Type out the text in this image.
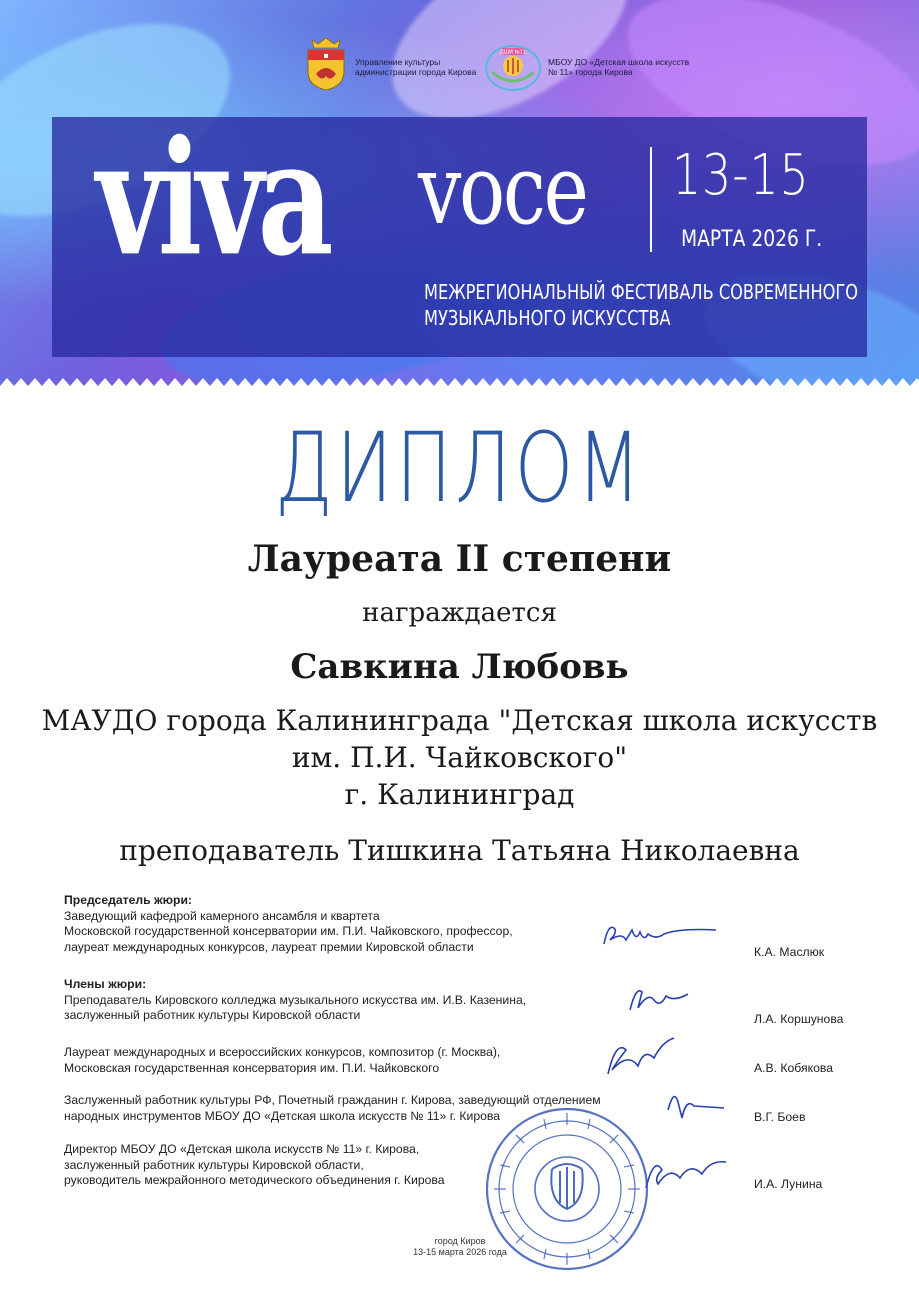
Управление культуры администрации города Кирова
ДШИ №11
МБОУ ДО «Детская школа искусств № 11» города Кирова
viva voce 13-15
МАРТА 2026 Г.
МЕЖРЕГИОНАЛЬНЫЙ ФЕСТИВАЛЬ СОВРЕМЕННОГО
МУЗЫКАЛЬНОГО ИСКУССТВА
ДИПЛОМ
Лауреата II степени
награждается
Савкина Любовь
МАУДО города Калининграда "Детская школа искусств
им. П.И. Чайковского"
г. Калининград
преподаватель Тишкина Татьяна Николаевна
Председатель жюри:
Заведующий кафедрой камерного ансамбля и квартета
Московской государственной консерватории им. П.И. Чайковского, профессор,
лауреат международных конкурсов, лауреат премии Кировской области	К.А. Маслюк
Члены жюри:
Преподаватель Кировского колледжа музыкального искусства им. И.В. Казенина,
заслуженный работник культуры Кировской области	Л.А. Коршунова
Лауреат международных и всероссийских конкурсов, композитор (г. Москва),
Московская государственная консерватория им. П.И. Чайковского	А.В. Кобякова
Заслуженный работник культуры РФ, Почетный гражданин г. Кирова, заведующий отделением
народных инструментов МБОУ ДО «Детская школа искусств № 11» г. Кирова	В.Г. Боев
Директор МБОУ ДО «Детская школа искусств № 11» г. Кирова,
заслуженный работник культуры Кировской области,
руководитель межрайонного методического объединения г. Кирова	И.А. Лунина
город Киров
13-15 марта 2026 года
